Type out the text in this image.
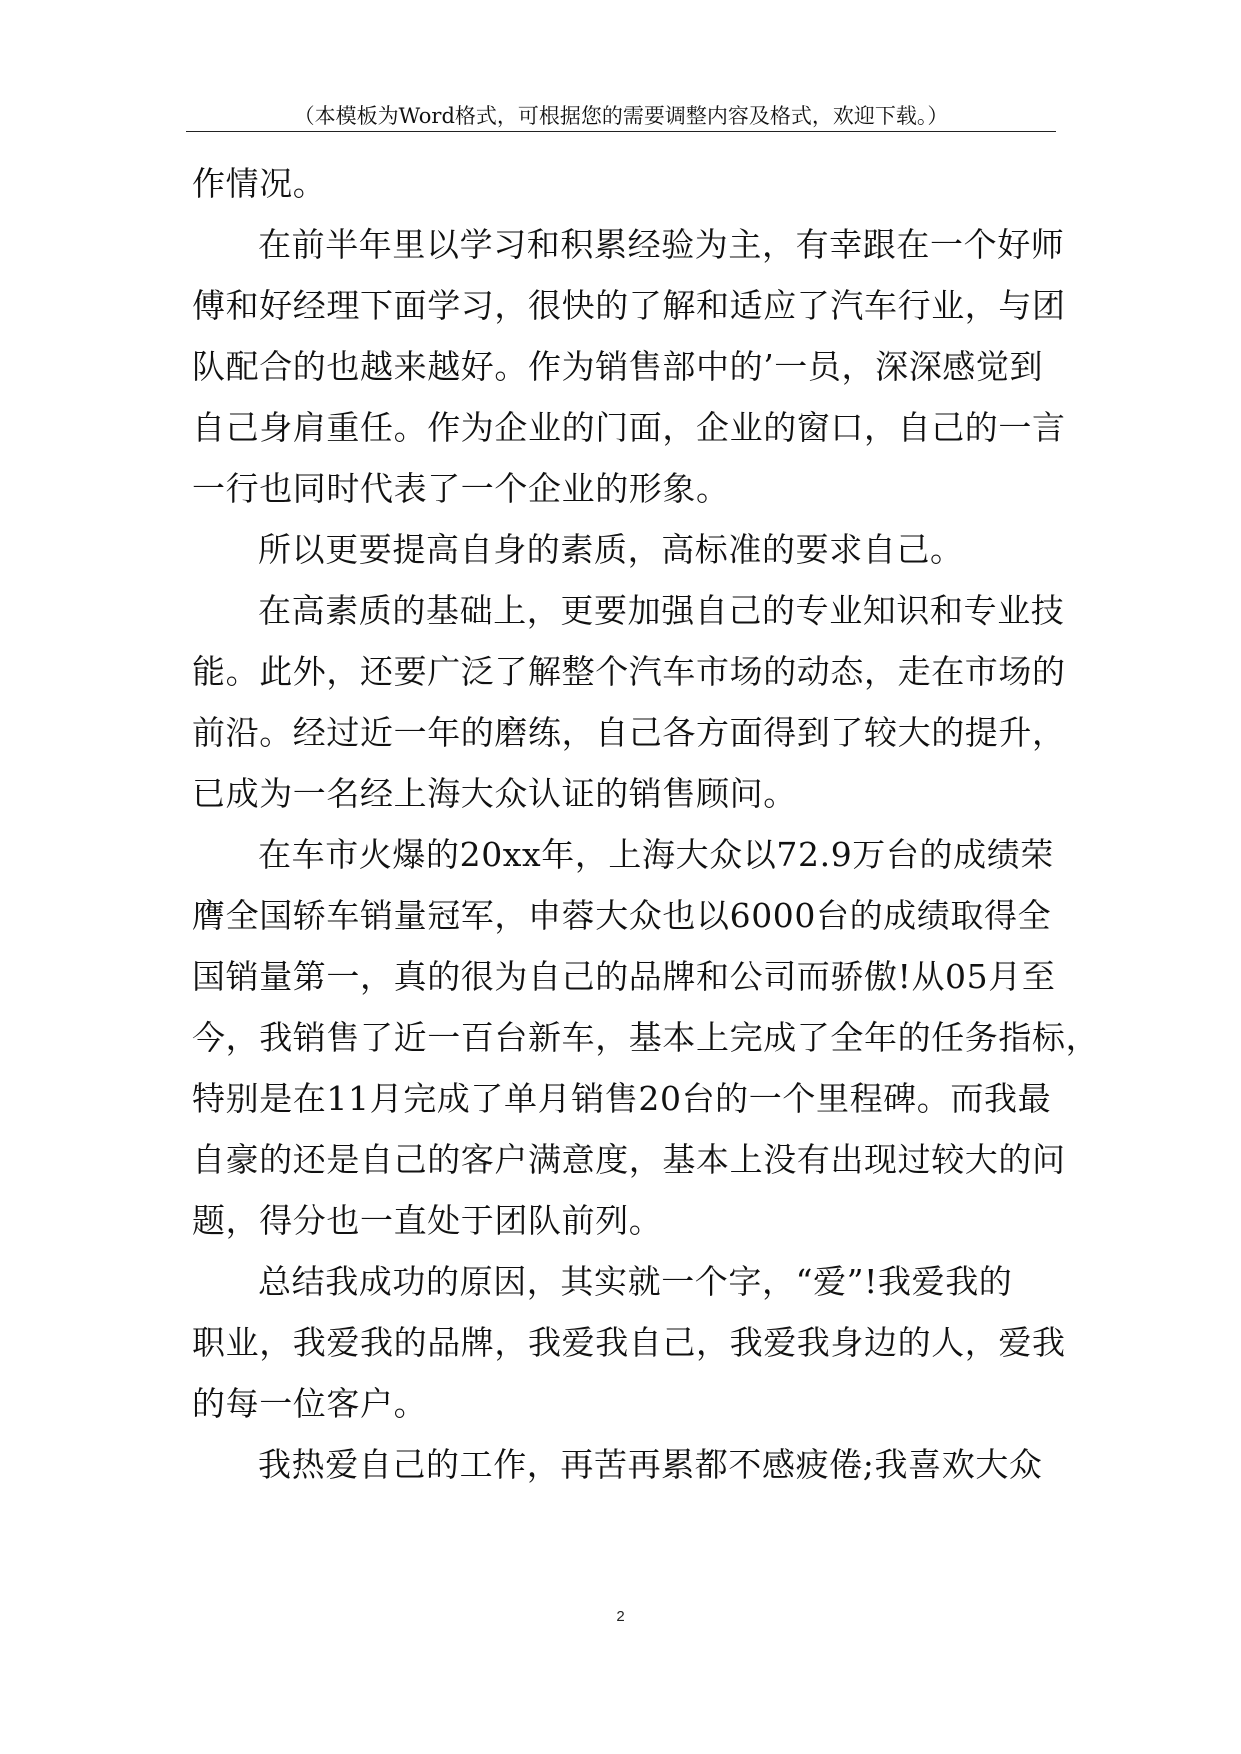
（本模板为Word格式，可根据您的需要调整内容及格式，欢迎下载。）
作情况。
在前半年里以学习和积累经验为主，有幸跟在一个好师
傅和好经理下面学习，很快的了解和适应了汽车行业，与团
队配合的也越来越好。作为销售部中的’一员，深深感觉到
自己身肩重任。作为企业的门面，企业的窗口，自己的一言
一行也同时代表了一个企业的形象。
所以更要提高自身的素质，高标准的要求自己。
在高素质的基础上，更要加强自己的专业知识和专业技
能。此外，还要广泛了解整个汽车市场的动态，走在市场的
前沿。经过近一年的磨练，自己各方面得到了较大的提升，
已成为一名经上海大众认证的销售顾问。
在车市火爆的20xx年，上海大众以72.9万台的成绩荣
膺全国轿车销量冠军，申蓉大众也以6000台的成绩取得全
国销量第一，真的很为自己的品牌和公司而骄傲!从05月至
今，我销售了近一百台新车，基本上完成了全年的任务指标，
特别是在11月完成了单月销售20台的一个里程碑。而我最
自豪的还是自己的客户满意度，基本上没有出现过较大的问
题，得分也一直处于团队前列。
总结我成功的原因，其实就一个字，“爱”!我爱我的
职业，我爱我的品牌，我爱我自己，我爱我身边的人，爱我
的每一位客户。
我热爱自己的工作，再苦再累都不感疲倦;我喜欢大众
2
